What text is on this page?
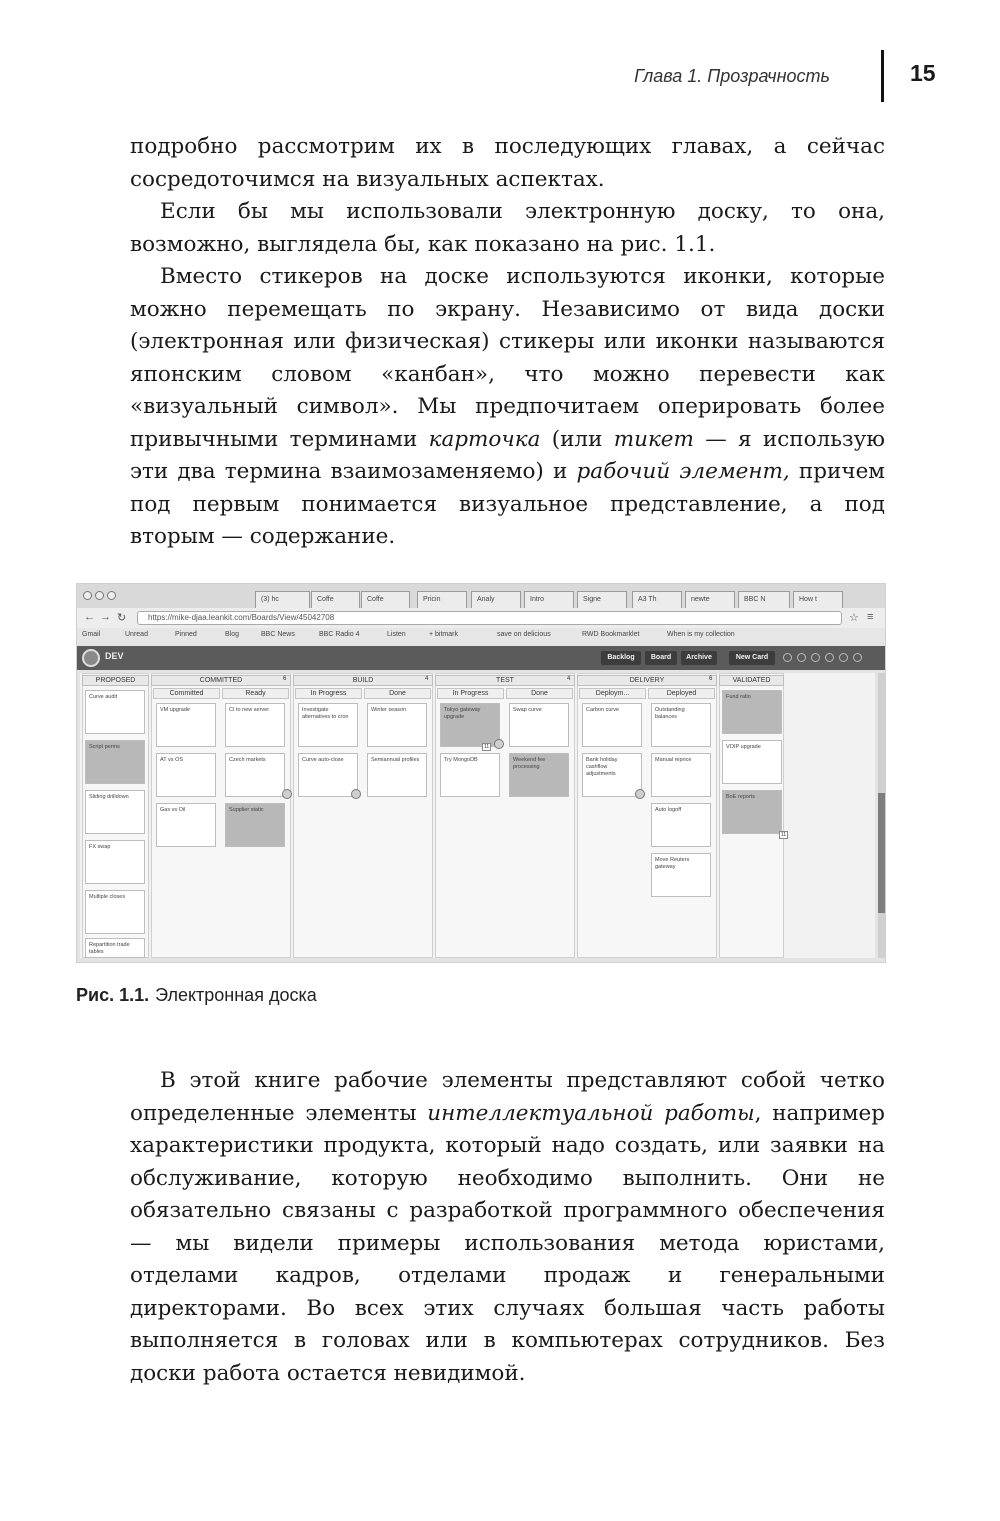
Глава 1. Прозрачность	15

подробно рассмотрим их в последующих главах, а сейчас сосредоточимся на визуальных аспектах.

Если бы мы использовали электронную доску, то она, возможно, выглядела бы, как показано на рис. 1.1.

Вместо стикеров на доске используются иконки, которые можно перемещать по экрану. Независимо от вида доски (электронная или физическая) стикеры или иконки называются японским словом «канбан», что можно перевести как «визуальный символ». Мы предпочитаем оперировать более привычными терминами карточка (или тикет — я использую эти два термина взаимозаменяемо) и рабочий элемент, причем под первым понимается визуальное представление, а под вторым — содержание.

(3) hc	Coffe	Coffe	Pricin	Analy	Intro	Signe	A3 Th	newte	BBC N	How t
← → ↻	https://mike-djaa.leankit.com/Boards/View/45042708	☆ ≡
Gmail	Unread	Pinned	Blog	BBC News	BBC Radio 4	Listen	+ bitmark	save on delicious	RWD Bookmarklet	When is my collection
DEV	Backlog	Board	Archive	New Card
PROPOSED	COMMITTED	BUILD	TEST	DELIVERY	VALIDATED
6	4	4	6
Committed	Ready	In Progress	Done	In Progress	Done	Deploym...	Deployed
Curve audit
Script perms
Sliding drilldown
FX swap
Multiple closes
Repartition trade tables
VM upgrade
AT vs OS
Gas vs Oil
CI to new server
Czech markets
Supplier static
Investigate alternatives to cron
Curve auto-close
Winter season
Semiannual profiles
Tokyo gateway upgrade
Try MongoDB
Swap curve
Weekend fee processing
Carbon curve
Bank holiday cashflow adjustments
Outstanding balances
Manual reprice
Auto logoff
Move Reuters gateway
Fund ratio
VOIP upgrade
BoE reports
11
11
Рис. 1.1. Электронная доска

В этой книге рабочие элементы представляют собой четко определенные элементы интеллектуальной работы, например характеристики продукта, который надо создать, или заявки на обслуживание, которую необходимо выполнить. Они не обязательно связаны с разработкой программного обеспечения — мы видели примеры использования метода юристами, отделами кадров, отделами продаж и генеральными директорами. Во всех этих случаях большая часть работы выполняется в головах или в компьютерах сотрудников. Без доски работа остается невидимой.
